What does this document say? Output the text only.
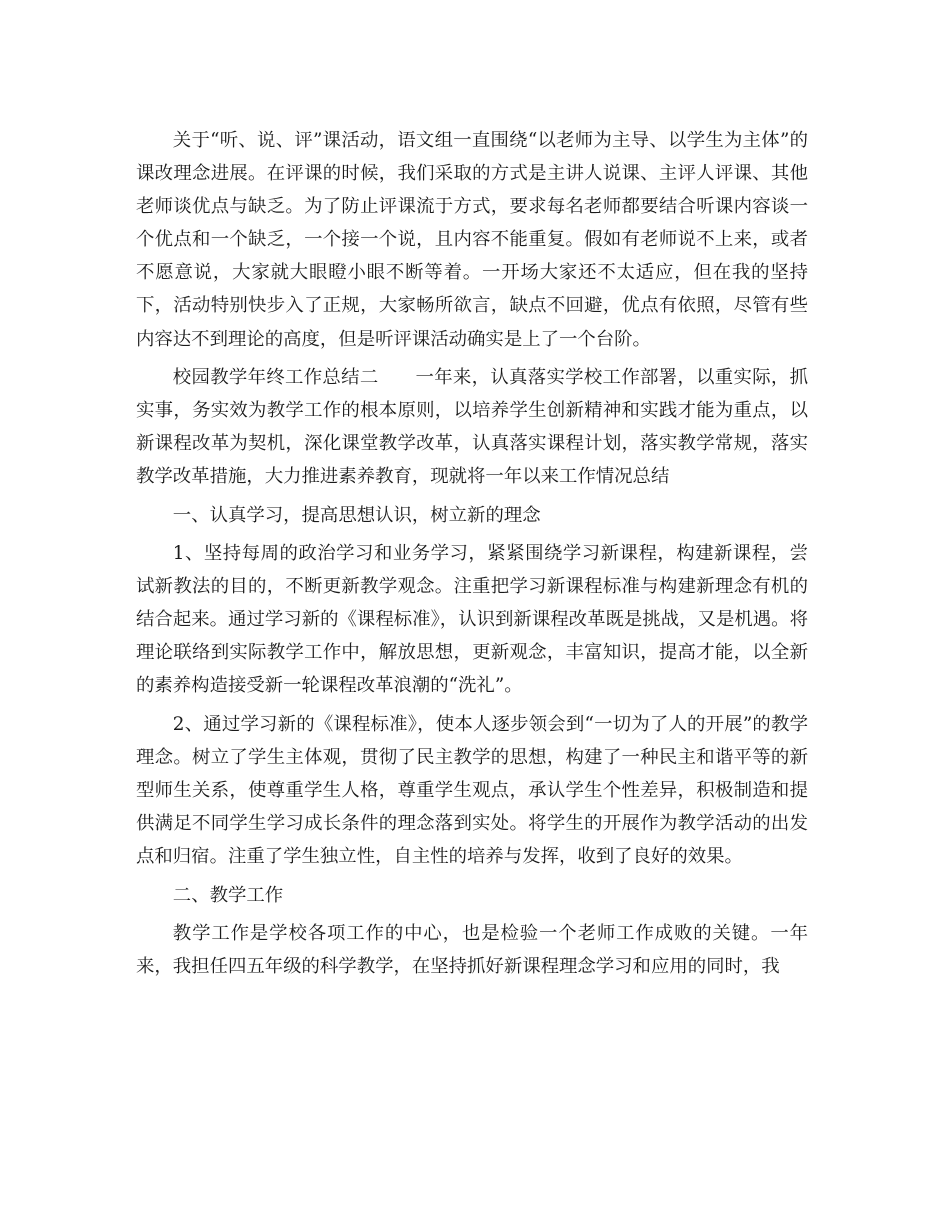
关于“听、说、评”课活动，语文组一直围绕“以老师为主导、以学生为主体”的课改理念进展。在评课的时候，我们采取的方式是主讲人说课、主评人评课、其他老师谈优点与缺乏。为了防止评课流于方式，要求每名老师都要结合听课内容谈一个优点和一个缺乏，一个接一个说，且内容不能重复。假如有老师说不上来，或者不愿意说，大家就大眼瞪小眼不断等着。一开场大家还不太适应，但在我的坚持下，活动特别快步入了正规，大家畅所欲言，缺点不回避，优点有依照，尽管有些内容达不到理论的高度，但是听评课活动确实是上了一个台阶。

校园教学年终工作总结二 一年来，认真落实学校工作部署，以重实际，抓实事，务实效为教学工作的根本原则，以培养学生创新精神和实践才能为重点，以新课程改革为契机，深化课堂教学改革，认真落实课程计划，落实教学常规，落实教学改革措施，大力推进素养教育，现就将一年以来工作情况总结

一、认真学习，提高思想认识，树立新的理念

1、坚持每周的政治学习和业务学习，紧紧围绕学习新课程，构建新课程，尝试新教法的目的，不断更新教学观念。注重把学习新课程标准与构建新理念有机的结合起来。通过学习新的《课程标准》，认识到新课程改革既是挑战，又是机遇。将理论联络到实际教学工作中，解放思想，更新观念，丰富知识，提高才能，以全新的素养构造接受新一轮课程改革浪潮的“洗礼”。

2、通过学习新的《课程标准》，使本人逐步领会到“一切为了人的开展”的教学理念。树立了学生主体观，贯彻了民主教学的思想，构建了一种民主和谐平等的新型师生关系，使尊重学生人格，尊重学生观点，承认学生个性差异，积极制造和提供满足不同学生学习成长条件的理念落到实处。将学生的开展作为教学活动的出发点和归宿。注重了学生独立性，自主性的培养与发挥，收到了良好的效果。

二、教学工作

教学工作是学校各项工作的中心，也是检验一个老师工作成败的关键。一年来，我担任四五年级的科学教学，在坚持抓好新课程理念学习和应用的同时，我
